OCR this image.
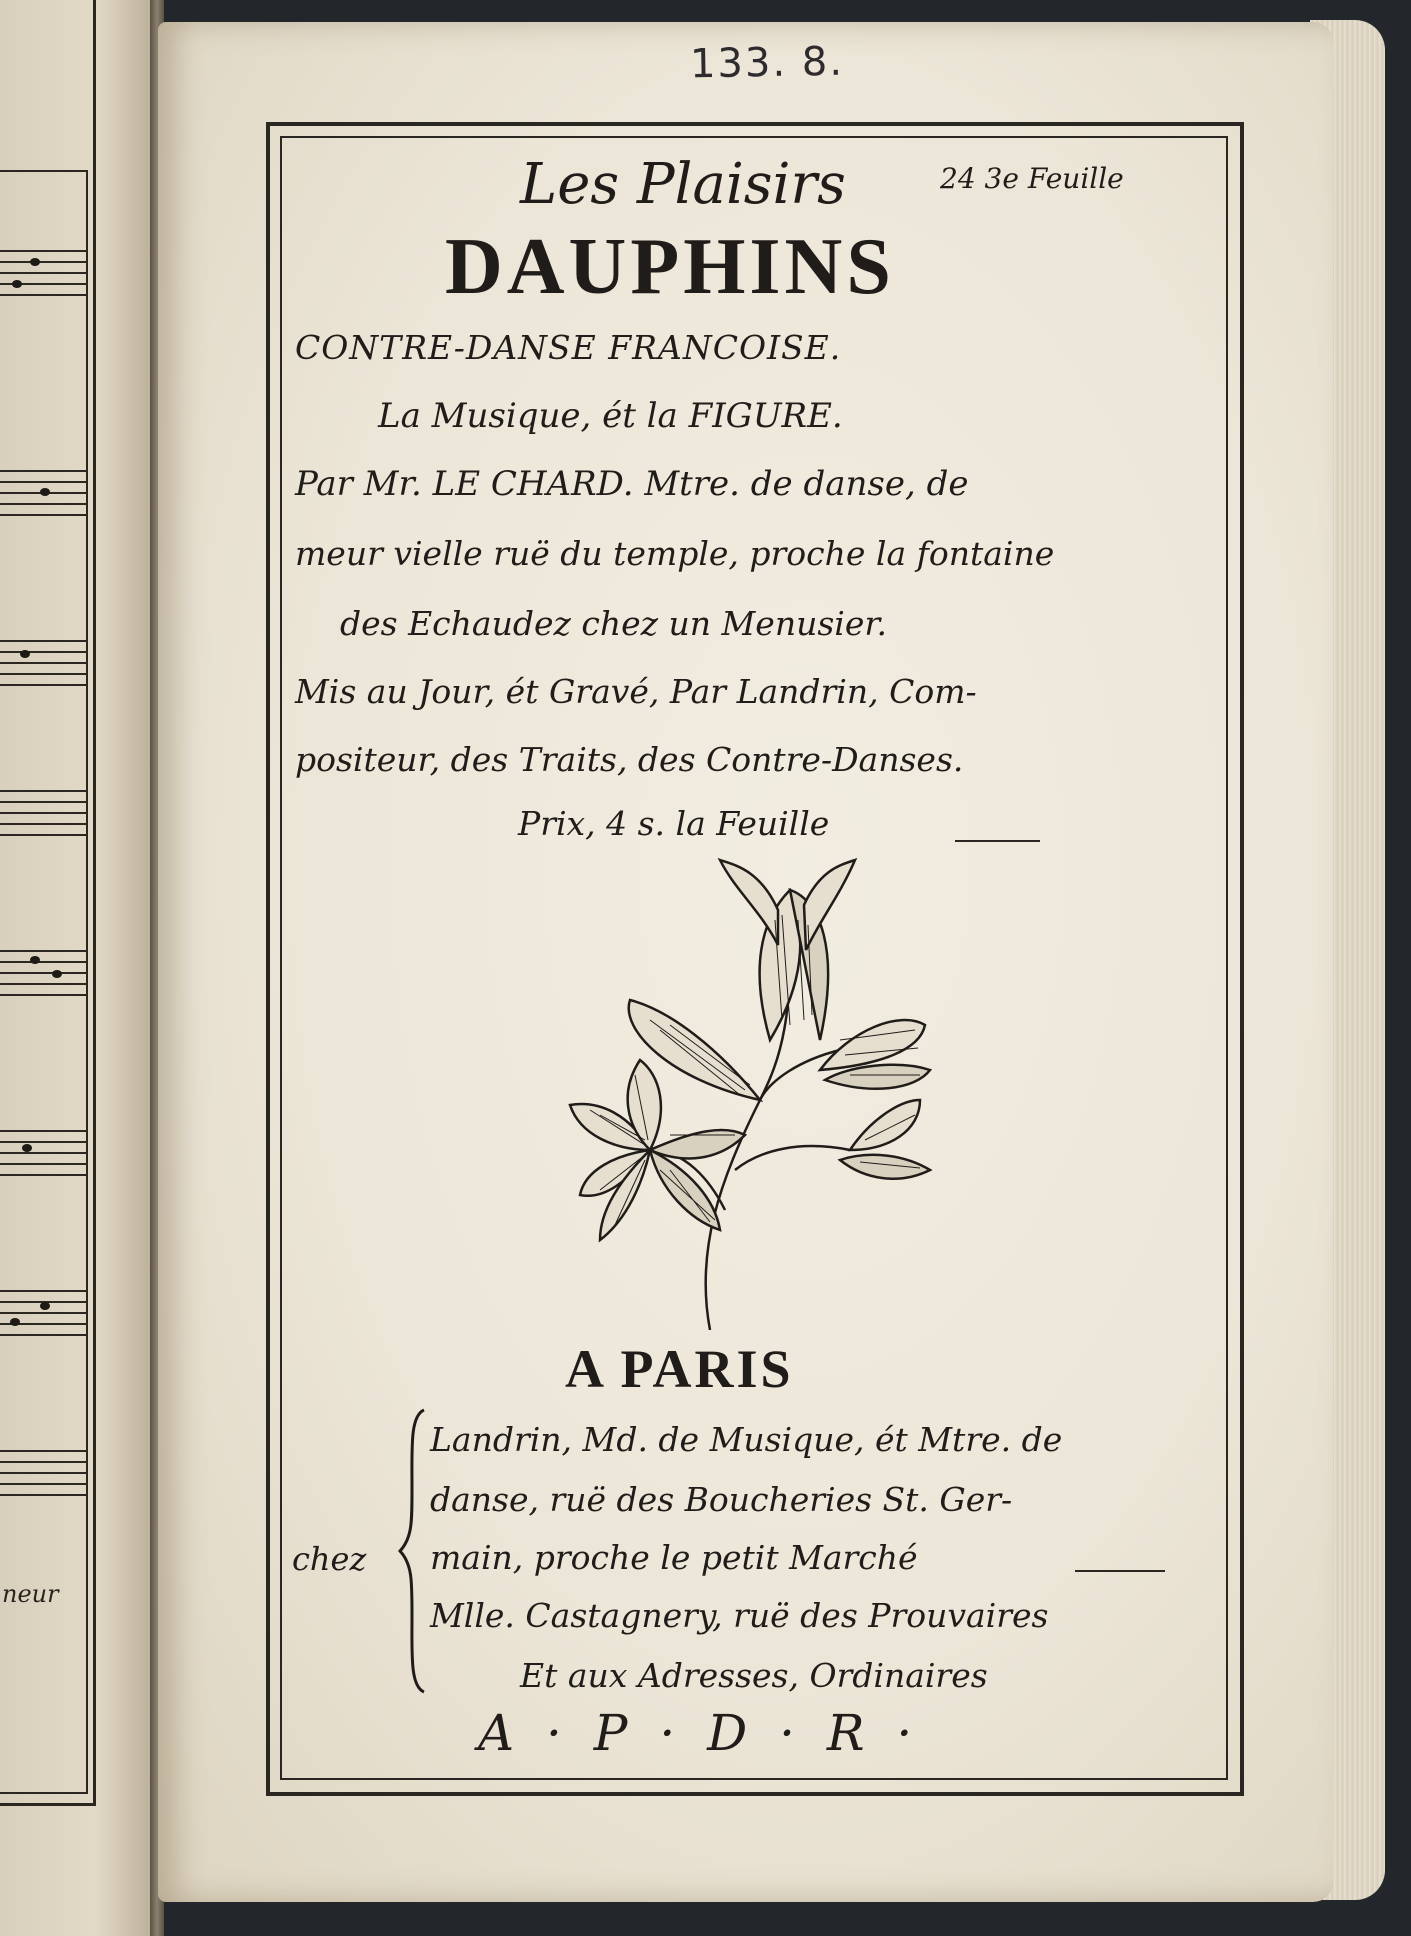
neur
133. 8.

Les Plaisirs	24 3e Feuille

DAUPHINS

CONTRE-DANSE FRANCOISE.

La Musique, ét la FIGURE.

Par Mr. LE CHARD. Mtre. de danse, de

meur vielle ruë du temple, proche la fontaine

des Echaudez chez un Menusier.

Mis au Jour, ét Gravé, Par Landrin, Com-

positeur, des Traits, des Contre-Danses.

Prix, 4 s. la Feuille

A PARIS

chez

Landrin, Md. de Musique, ét Mtre. de

danse, ruë des Boucheries St. Ger-

main, proche le petit Marché

Mlle. Castagnery, ruë des Prouvaires

Et aux Adresses, Ordinaires

A · P · D · R ·
